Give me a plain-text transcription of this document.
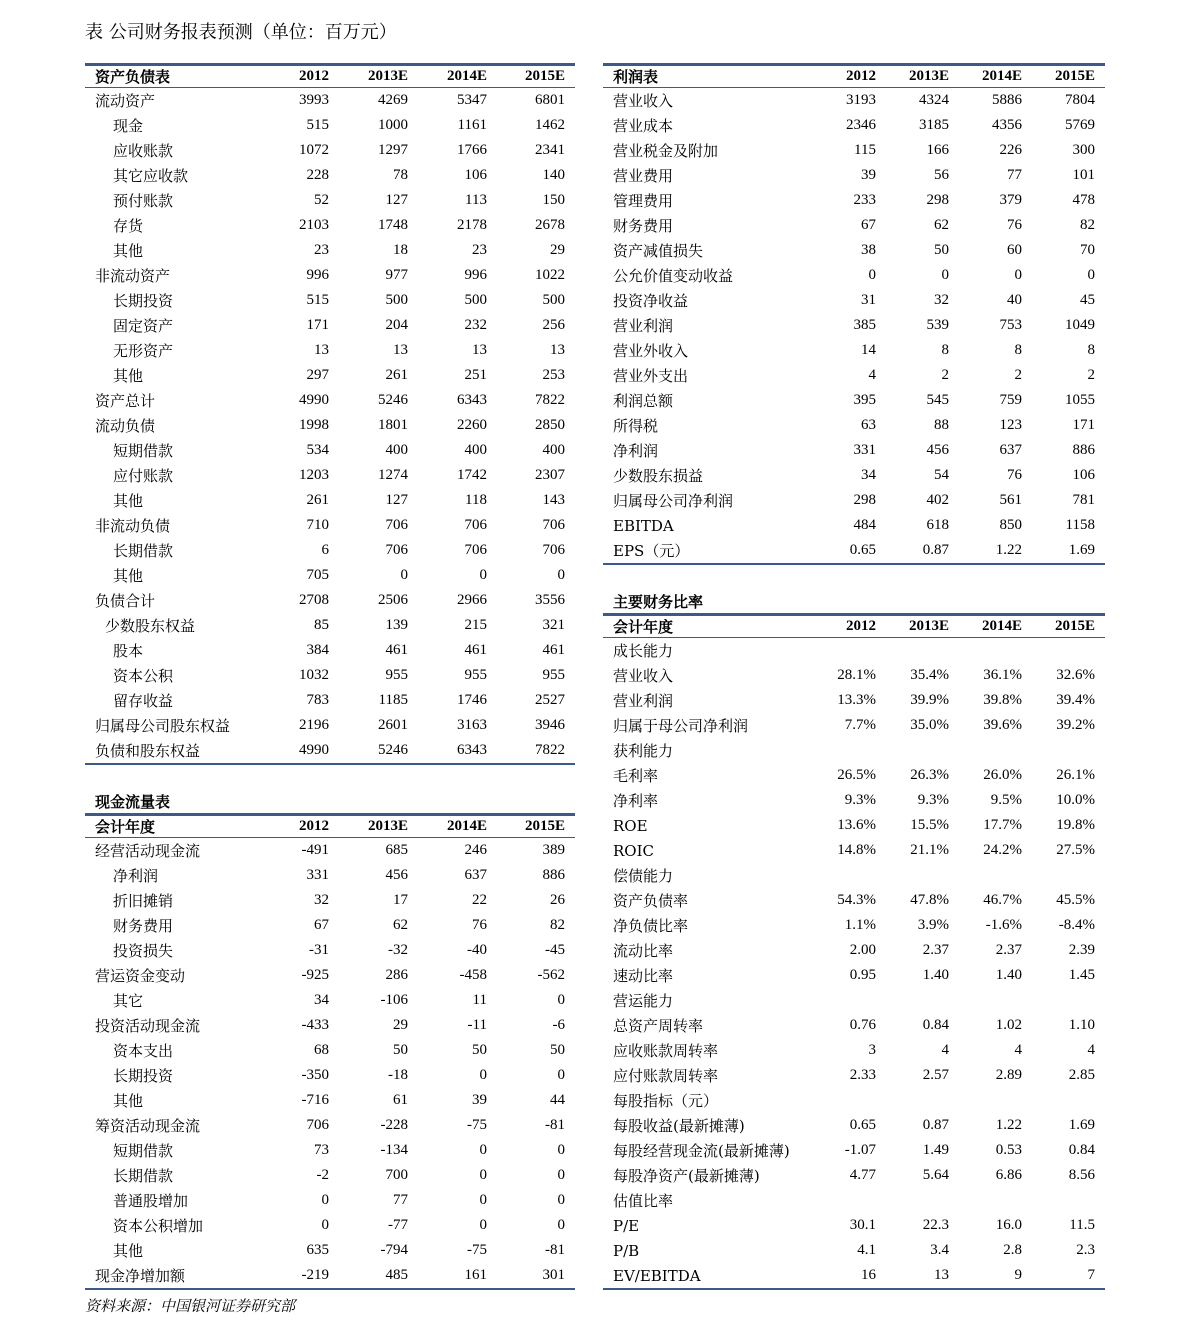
表 公司财务报表预测（单位：百万元）
资产负债表	2012	2013E	2014E	2015E
流动资产	3993	4269	5347	6801
现金	515	1000	1161	1462
应收账款	1072	1297	1766	2341
其它应收款	228	78	106	140
预付账款	52	127	113	150
存货	2103	1748	2178	2678
其他	23	18	23	29
非流动资产	996	977	996	1022
长期投资	515	500	500	500
固定资产	171	204	232	256
无形资产	13	13	13	13
其他	297	261	251	253
资产总计	4990	5246	6343	7822
流动负债	1998	1801	2260	2850
短期借款	534	400	400	400
应付账款	1203	1274	1742	2307
其他	261	127	118	143
非流动负债	710	706	706	706
长期借款	6	706	706	706
其他	705	0	0	0
负债合计	2708	2506	2966	3556
少数股东权益	85	139	215	321
股本	384	461	461	461
资本公积	1032	955	955	955
留存收益	783	1185	1746	2527
归属母公司股东权益	2196	2601	3163	3946
负债和股东权益	4990	5246	6343	7822
现金流量表
会计年度	2012	2013E	2014E	2015E
经营活动现金流	-491	685	246	389
净利润	331	456	637	886
折旧摊销	32	17	22	26
财务费用	67	62	76	82
投资损失	-31	-32	-40	-45
营运资金变动	-925	286	-458	-562
其它	34	-106	11	0
投资活动现金流	-433	29	-11	-6
资本支出	68	50	50	50
长期投资	-350	-18	0	0
其他	-716	61	39	44
筹资活动现金流	706	-228	-75	-81
短期借款	73	-134	0	0
长期借款	-2	700	0	0
普通股增加	0	77	0	0
资本公积增加	0	-77	0	0
其他	635	-794	-75	-81
现金净增加额	-219	485	161	301
利润表	2012	2013E	2014E	2015E
营业收入	3193	4324	5886	7804
营业成本	2346	3185	4356	5769
营业税金及附加	115	166	226	300
营业费用	39	56	77	101
管理费用	233	298	379	478
财务费用	67	62	76	82
资产减值损失	38	50	60	70
公允价值变动收益	0	0	0	0
投资净收益	31	32	40	45
营业利润	385	539	753	1049
营业外收入	14	8	8	8
营业外支出	4	2	2	2
利润总额	395	545	759	1055
所得税	63	88	123	171
净利润	331	456	637	886
少数股东损益	34	54	76	106
归属母公司净利润	298	402	561	781
EBITDA	484	618	850	1158
EPS（元）	0.65	0.87	1.22	1.69
主要财务比率
会计年度	2012	2013E	2014E	2015E
成长能力				
营业收入	28.1%	35.4%	36.1%	32.6%
营业利润	13.3%	39.9%	39.8%	39.4%
归属于母公司净利润	7.7%	35.0%	39.6%	39.2%
获利能力				
毛利率	26.5%	26.3%	26.0%	26.1%
净利率	9.3%	9.3%	9.5%	10.0%
ROE	13.6%	15.5%	17.7%	19.8%
ROIC	14.8%	21.1%	24.2%	27.5%
偿债能力				
资产负债率	54.3%	47.8%	46.7%	45.5%
净负债比率	1.1%	3.9%	-1.6%	-8.4%
流动比率	2.00	2.37	2.37	2.39
速动比率	0.95	1.40	1.40	1.45
营运能力				
总资产周转率	0.76	0.84	1.02	1.10
应收账款周转率	3	4	4	4
应付账款周转率	2.33	2.57	2.89	2.85
每股指标（元）				
每股收益(最新摊薄)	0.65	0.87	1.22	1.69
每股经营现金流(最新摊薄)	-1.07	1.49	0.53	0.84
每股净资产(最新摊薄)	4.77	5.64	6.86	8.56
估值比率				
P/E	30.1	22.3	16.0	11.5
P/B	4.1	3.4	2.8	2.3
EV/EBITDA	16	13	9	7
资料来源：中国银河证券研究部
